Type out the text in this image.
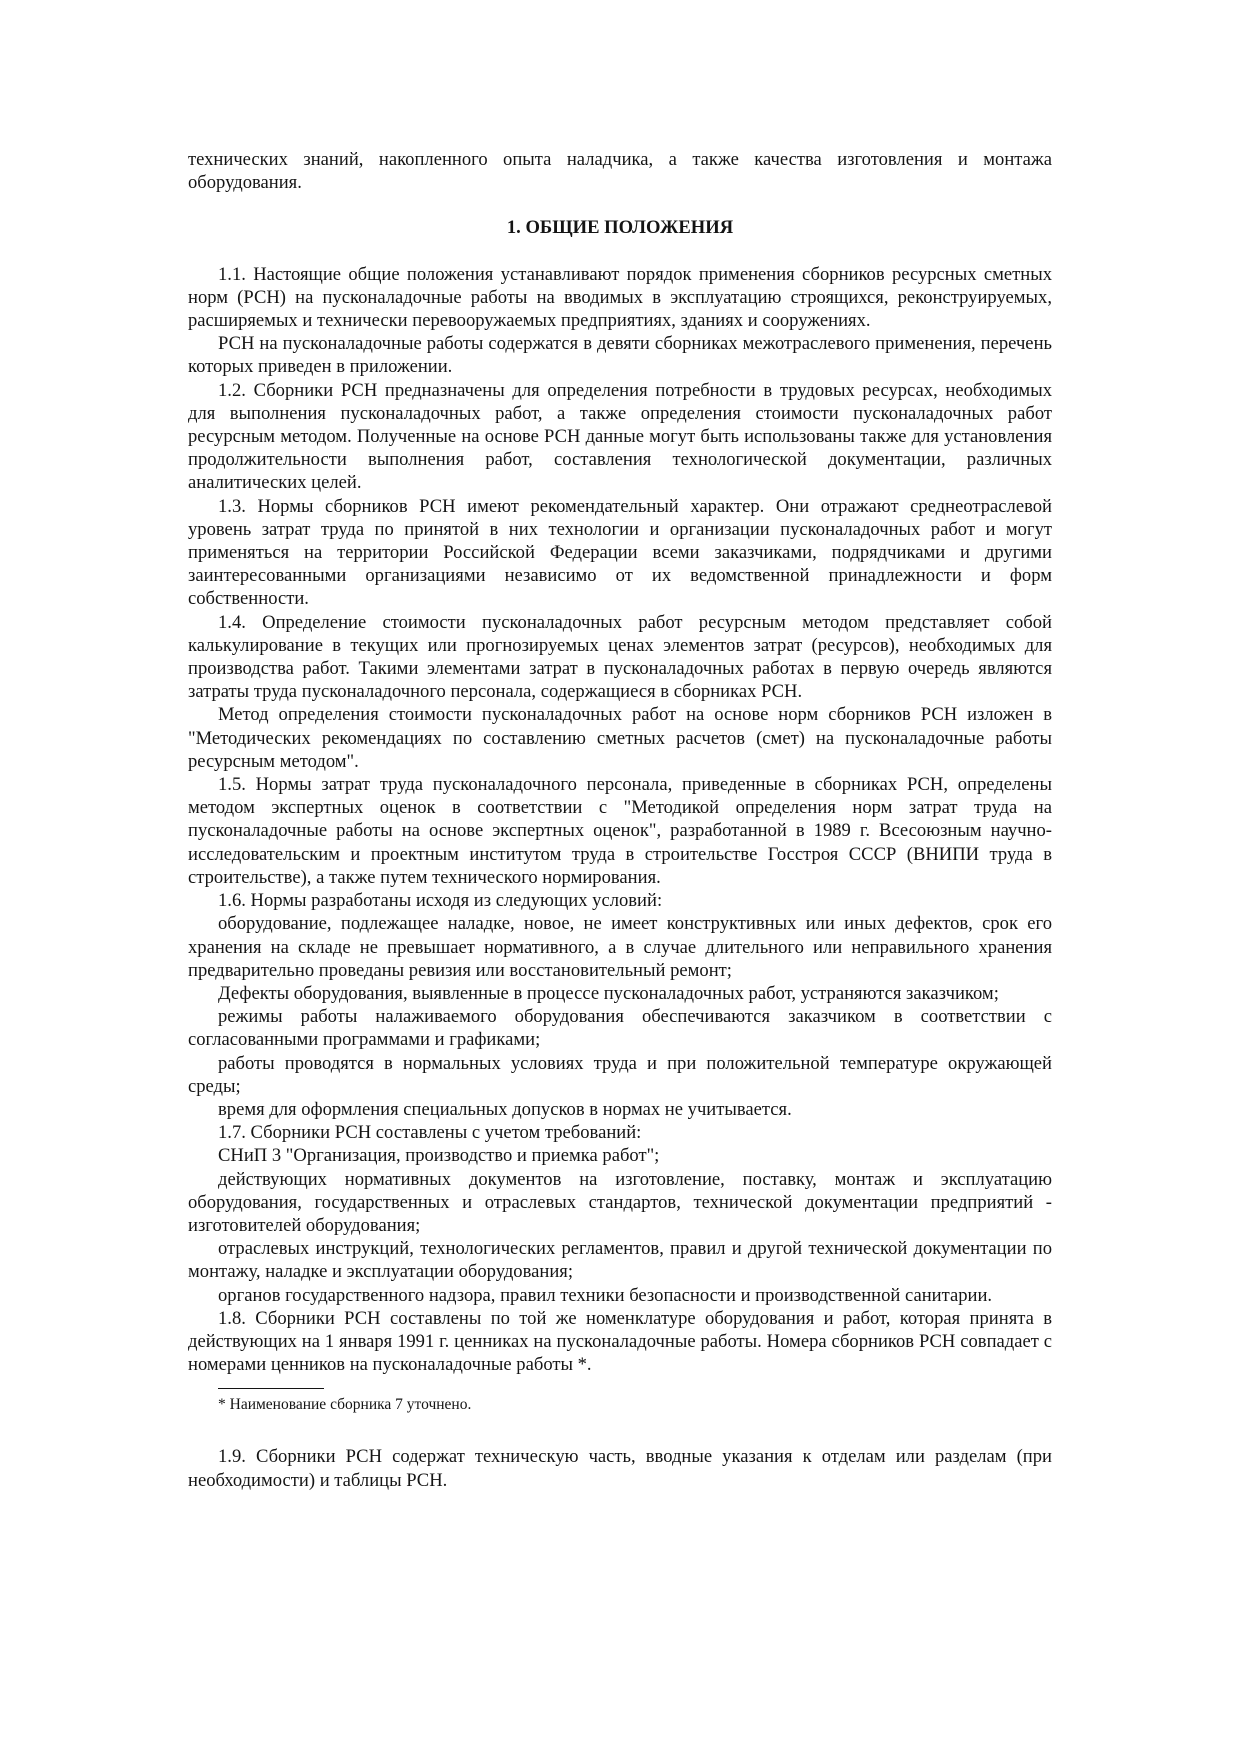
технических знаний, накопленного опыта наладчика, а также качества изготовления и монтажа оборудования.

1. ОБЩИЕ ПОЛОЖЕНИЯ

1.1. Настоящие общие положения устанавливают порядок применения сборников ресурсных сметных норм (РСН) на пусконаладочные работы на вводимых в эксплуатацию строящихся, реконструируемых, расширяемых и технически перевооружаемых предприятиях, зданиях и сооружениях.

РСН на пусконаладочные работы содержатся в девяти сборниках межотраслевого применения, перечень которых приведен в приложении.

1.2. Сборники РСН предназначены для определения потребности в трудовых ресурсах, необходимых для выполнения пусконаладочных работ, а также определения стоимости пусконаладочных работ ресурсным методом. Полученные на основе РСН данные могут быть использованы также для установления продолжительности выполнения работ, составления технологической документации, различных аналитических целей.

1.3. Нормы сборников РСН имеют рекомендательный характер. Они отражают среднеотраслевой уровень затрат труда по принятой в них технологии и организации пусконаладочных работ и могут применяться на территории Российской Федерации всеми заказчиками, подрядчиками и другими заинтересованными организациями независимо от их ведомственной принадлежности и форм собственности.

1.4. Определение стоимости пусконаладочных работ ресурсным методом представляет собой калькулирование в текущих или прогнозируемых ценах элементов затрат (ресурсов), необходимых для производства работ. Такими элементами затрат в пусконаладочных работах в первую очередь являются затраты труда пусконаладочного персонала, содержащиеся в сборниках РСН.

Метод определения стоимости пусконаладочных работ на основе норм сборников РСН изложен в "Методических рекомендациях по составлению сметных расчетов (смет) на пусконаладочные работы ресурсным методом".

1.5. Нормы затрат труда пусконаладочного персонала, приведенные в сборниках РСН, определены методом экспертных оценок в соответствии с "Методикой определения норм затрат труда на пусконаладочные работы на основе экспертных оценок", разработанной в 1989 г. Всесоюзным научно-исследовательским и проектным институтом труда в строительстве Госстроя СССР (ВНИПИ труда в строительстве), а также путем технического нормирования.

1.6. Нормы разработаны исходя из следующих условий:

оборудование, подлежащее наладке, новое, не имеет конструктивных или иных дефектов, срок его хранения на складе не превышает нормативного, а в случае длительного или неправильного хранения предварительно проведаны ревизия или восстановительный ремонт;

Дефекты оборудования, выявленные в процессе пусконаладочных работ, устраняются заказчиком;

режимы работы налаживаемого оборудования обеспечиваются заказчиком в соответствии с согласованными программами и графиками;

работы проводятся в нормальных условиях труда и при положительной температуре окружающей среды;

время для оформления специальных допусков в нормах не учитывается.

1.7. Сборники РСН составлены с учетом требований:

СНиП 3 "Организация, производство и приемка работ";

действующих нормативных документов на изготовление, поставку, монтаж и эксплуатацию оборудования, государственных и отраслевых стандартов, технической документации предприятий - изготовителей оборудования;

отраслевых инструкций, технологических регламентов, правил и другой технической документации по монтажу, наладке и эксплуатации оборудования;

органов государственного надзора, правил техники безопасности и производственной санитарии.

1.8. Сборники РСН составлены по той же номенклатуре оборудования и работ, которая принята в действующих на 1 января 1991 г. ценниках на пусконаладочные работы. Номера сборников РСН совпадает с номерами ценников на пусконаладочные работы *.

* Наименование сборника 7 уточнено.

1.9. Сборники РСН содержат техническую часть, вводные указания к отделам или разделам (при необходимости) и таблицы РСН.
